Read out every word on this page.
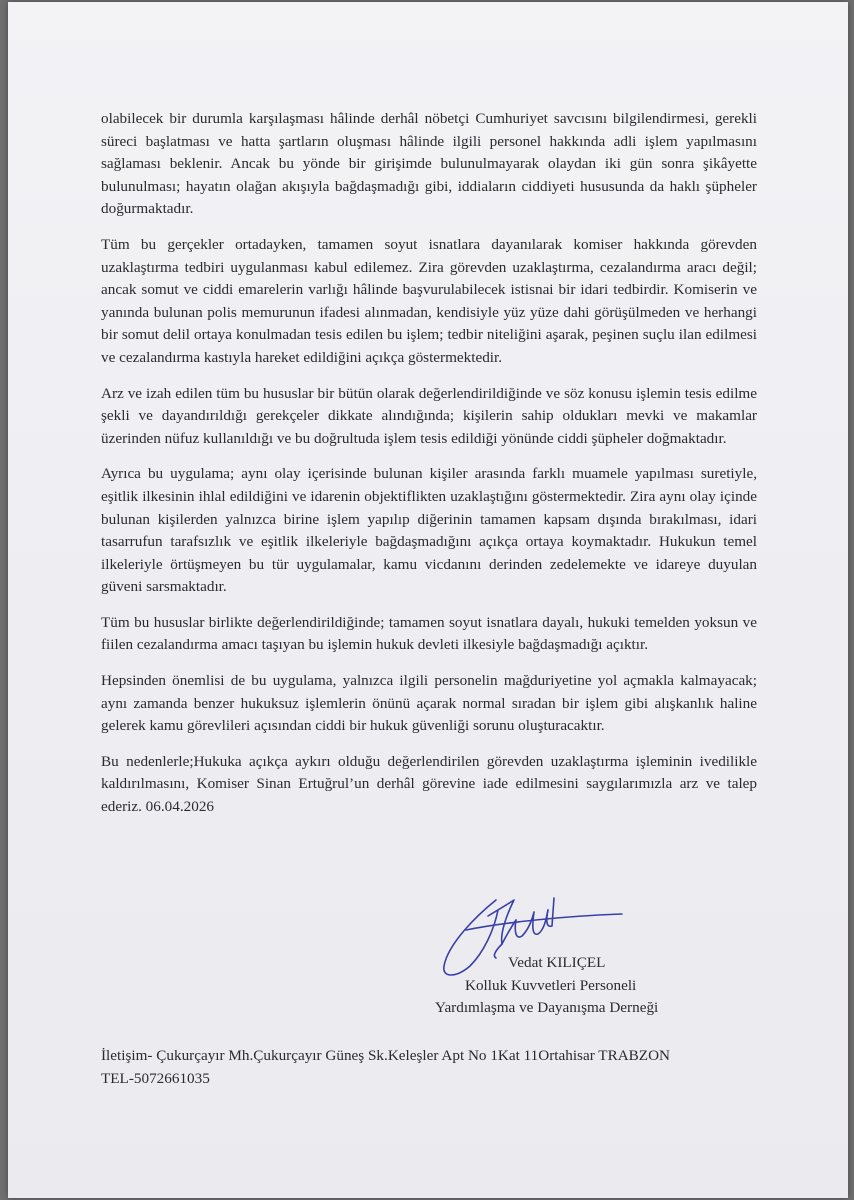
olabilecek bir durumla karşılaşması hâlinde derhâl nöbetçi Cumhuriyet savcısını bilgilendirmesi, gerekli süreci başlatması ve hatta şartların oluşması hâlinde ilgili personel hakkında adli işlem yapılmasını sağlaması beklenir. Ancak bu yönde bir girişimde bulunulmayarak olaydan iki gün sonra şikâyette bulunulması; hayatın olağan akışıyla bağdaşmadığı gibi, iddiaların ciddiyeti hususunda da haklı şüpheler doğurmaktadır.

Tüm bu gerçekler ortadayken, tamamen soyut isnatlara dayanılarak komiser hakkında görevden uzaklaştırma tedbiri uygulanması kabul edilemez. Zira görevden uzaklaştırma, cezalandırma aracı değil; ancak somut ve ciddi emarelerin varlığı hâlinde başvurulabilecek istisnai bir idari tedbirdir. Komiserin ve yanında bulunan polis memurunun ifadesi alınmadan, kendisiyle yüz yüze dahi görüşülmeden ve herhangi bir somut delil ortaya konulmadan tesis edilen bu işlem; tedbir niteliğini aşarak, peşinen suçlu ilan edilmesi ve cezalandırma kastıyla hareket edildiğini açıkça göstermektedir.

Arz ve izah edilen tüm bu hususlar bir bütün olarak değerlendirildiğinde ve söz konusu işlemin tesis edilme şekli ve dayandırıldığı gerekçeler dikkate alındığında; kişilerin sahip oldukları mevki ve makamlar üzerinden nüfuz kullanıldığı ve bu doğrultuda işlem tesis edildiği yönünde ciddi şüpheler doğmaktadır.

Ayrıca bu uygulama; aynı olay içerisinde bulunan kişiler arasında farklı muamele yapılması suretiyle, eşitlik ilkesinin ihlal edildiğini ve idarenin objektiflikten uzaklaştığını göstermektedir. Zira aynı olay içinde bulunan kişilerden yalnızca birine işlem yapılıp diğerinin tamamen kapsam dışında bırakılması, idari tasarrufun tarafsızlık ve eşitlik ilkeleriyle bağdaşmadığını açıkça ortaya koymaktadır. Hukukun temel ilkeleriyle örtüşmeyen bu tür uygulamalar, kamu vicdanını derinden zedelemekte ve idareye duyulan güveni sarsmaktadır.

Tüm bu hususlar birlikte değerlendirildiğinde; tamamen soyut isnatlara dayalı, hukuki temelden yoksun ve fiilen cezalandırma amacı taşıyan bu işlemin hukuk devleti ilkesiyle bağdaşmadığı açıktır.

Hepsinden önemlisi de bu uygulama, yalnızca ilgili personelin mağduriyetine yol açmakla kalmayacak; aynı zamanda benzer hukuksuz işlemlerin önünü açarak normal sıradan bir işlem gibi alışkanlık haline gelerek kamu görevlileri açısından ciddi bir hukuk güvenliği sorunu oluşturacaktır.

Bu nedenlerle;Hukuka açıkça aykırı olduğu değerlendirilen görevden uzaklaştırma işleminin ivedilikle kaldırılmasını, Komiser Sinan Ertuğrul’un derhâl görevine iade edilmesini saygılarımızla arz ve talep ederiz. 06.04.2026

Vedat KILIÇEL
Kolluk Kuvvetleri Personeli
Yardımlaşma ve Dayanışma Derneği
İletişim- Çukurçayır Mh.Çukurçayır Güneş Sk.Keleşler Apt No 1Kat 11Ortahisar TRABZON
TEL-5072661035
